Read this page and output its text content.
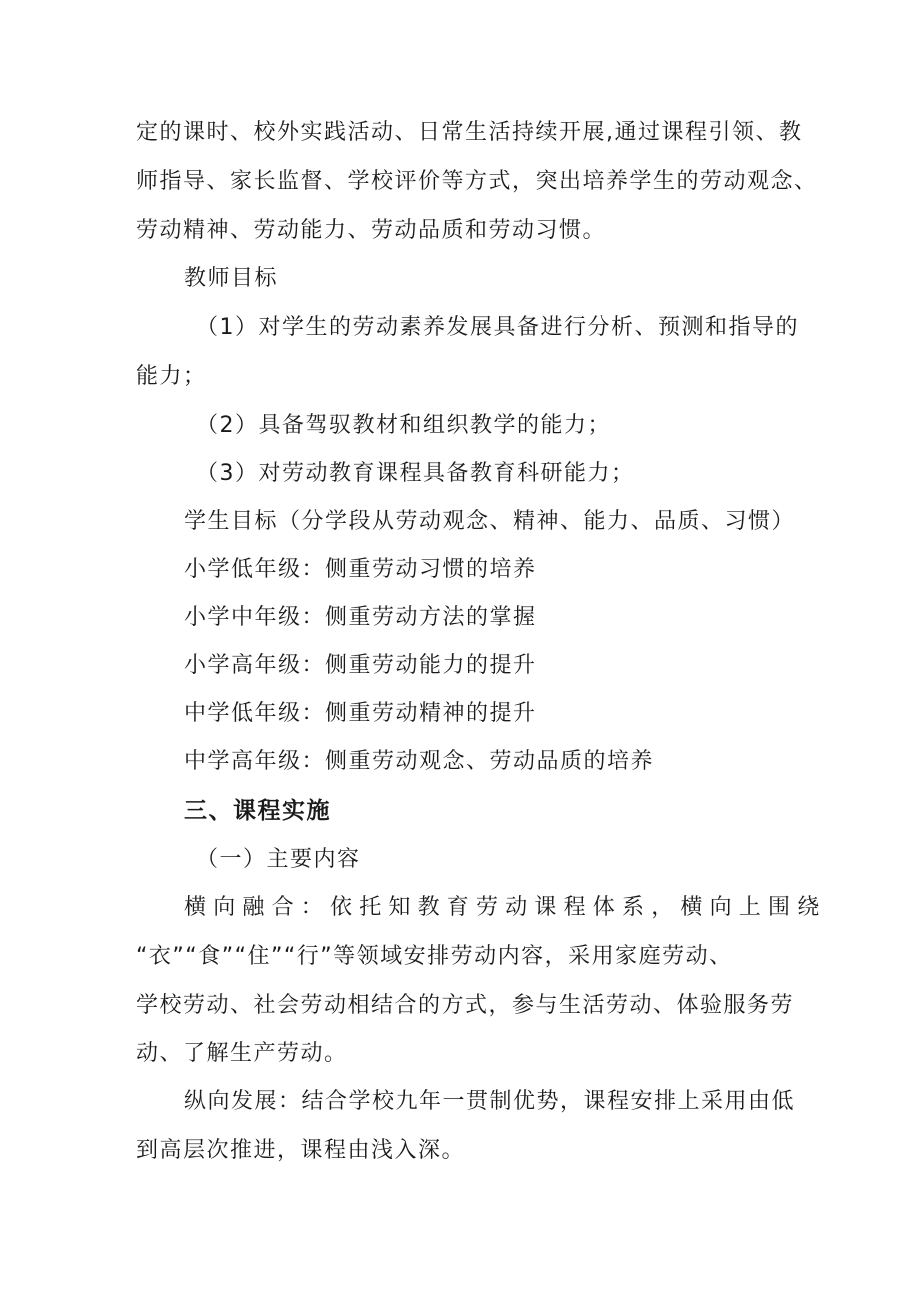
定的课时、校外实践活动、日常生活持续开展,通过课程引领、教
师指导、家长监督、学校评价等方式，突出培养学生的劳动观念、
劳动精神、劳动能力、劳动品质和劳动习惯。
教师目标
（1）对学生的劳动素养发展具备进行分析、预测和指导的
能力；
（2）具备驾驭教材和组织教学的能力；
（3）对劳动教育课程具备教育科研能力；
学生目标（分学段从劳动观念、精神、能力、品质、习惯）
小学低年级：侧重劳动习惯的培养
小学中年级：侧重劳动方法的掌握
小学高年级：侧重劳动能力的提升
中学低年级：侧重劳动精神的提升
中学高年级：侧重劳动观念、劳动品质的培养
三、课程实施
（一）主要内容
横向融合：依托知教育劳动课程体系，横向上围绕
“衣”“食”“住”“行”等领域安排劳动内容，采用家庭劳动、
学校劳动、社会劳动相结合的方式，参与生活劳动、体验服务劳
动、了解生产劳动。
纵向发展：结合学校九年一贯制优势，课程安排上采用由低
到高层次推进，课程由浅入深。
